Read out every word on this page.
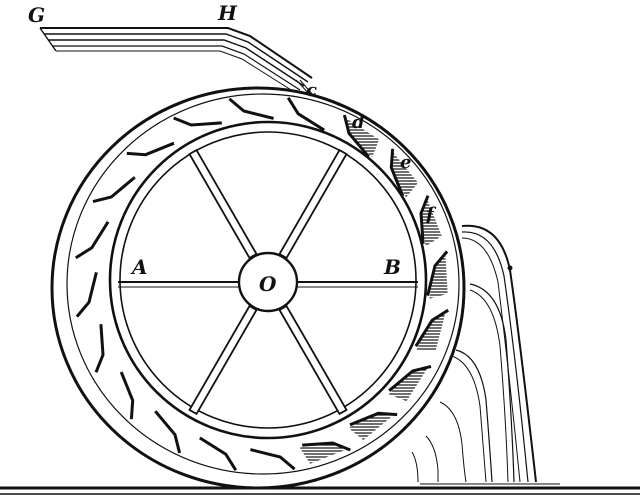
G	H
c
d
e
f
A	B
O
